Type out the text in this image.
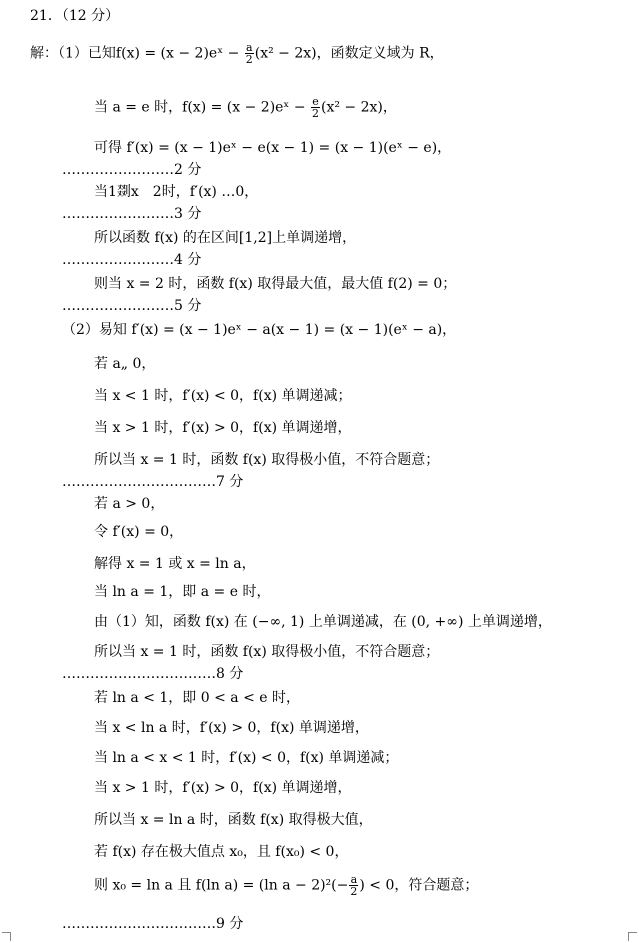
21．（12 分）
解：（1）已知f(x) = (x − 2)eˣ − $\frac{a}{2} (x^2 - 2x)$，函数定义域为 R，
当 a = e 时，f(x) = (x − 2)eˣ − $\frac{e}{2} (x^2 - 2x)$，
可得 f′(x) = (x − 1)eˣ − e(x − 1) = (x − 1)(eˣ − e)，
……………………2 分
当1剟x　2时，f′(x) …0，
……………………3 分
所以函数 f(x) 的在区间[1,2]上单调递增，
……………………4 分
则当 x = 2 时，函数 f(x) 取得最大值，最大值 f(2) = 0；
……………………5 分
（2）易知 f′(x) = (x − 1)eˣ − a(x − 1) = (x − 1)(eˣ − a)，
若 a„ 0，
当 x < 1 时，f′(x) < 0，f(x) 单调递减；
当 x > 1 时，f′(x) > 0，f(x) 单调递增，
所以当 x = 1 时，函数 f(x) 取得极小值，不符合题意；
……………………………7 分
若 a > 0，
令 f′(x) = 0，
解得 x = 1 或 x = ln a，
当 ln a = 1，即 a = e 时，
由（1）知，函数 f(x) 在 (−∞, 1) 上单调递减，在 (0, +∞) 上单调递增，
所以当 x = 1 时，函数 f(x) 取得极小值，不符合题意；
……………………………8 分
若 ln a < 1，即 0 < a < e 时，
当 x < ln a 时，f′(x) > 0，f(x) 单调递增，
当 ln a < x < 1 时，f′(x) < 0，f(x) 单调递减；
当 x > 1 时，f′(x) > 0，f(x) 单调递增，
所以当 x = ln a 时，函数 f(x) 取得极大值，
若 f(x) 存在极大值点 x₀，且 f(x₀) < 0，
则 x₀ = ln a 且 f(ln a) = (ln $a - 2)^2(- \frac{a}{2}$ ) < 0，符合题意；
……………………………9 分
